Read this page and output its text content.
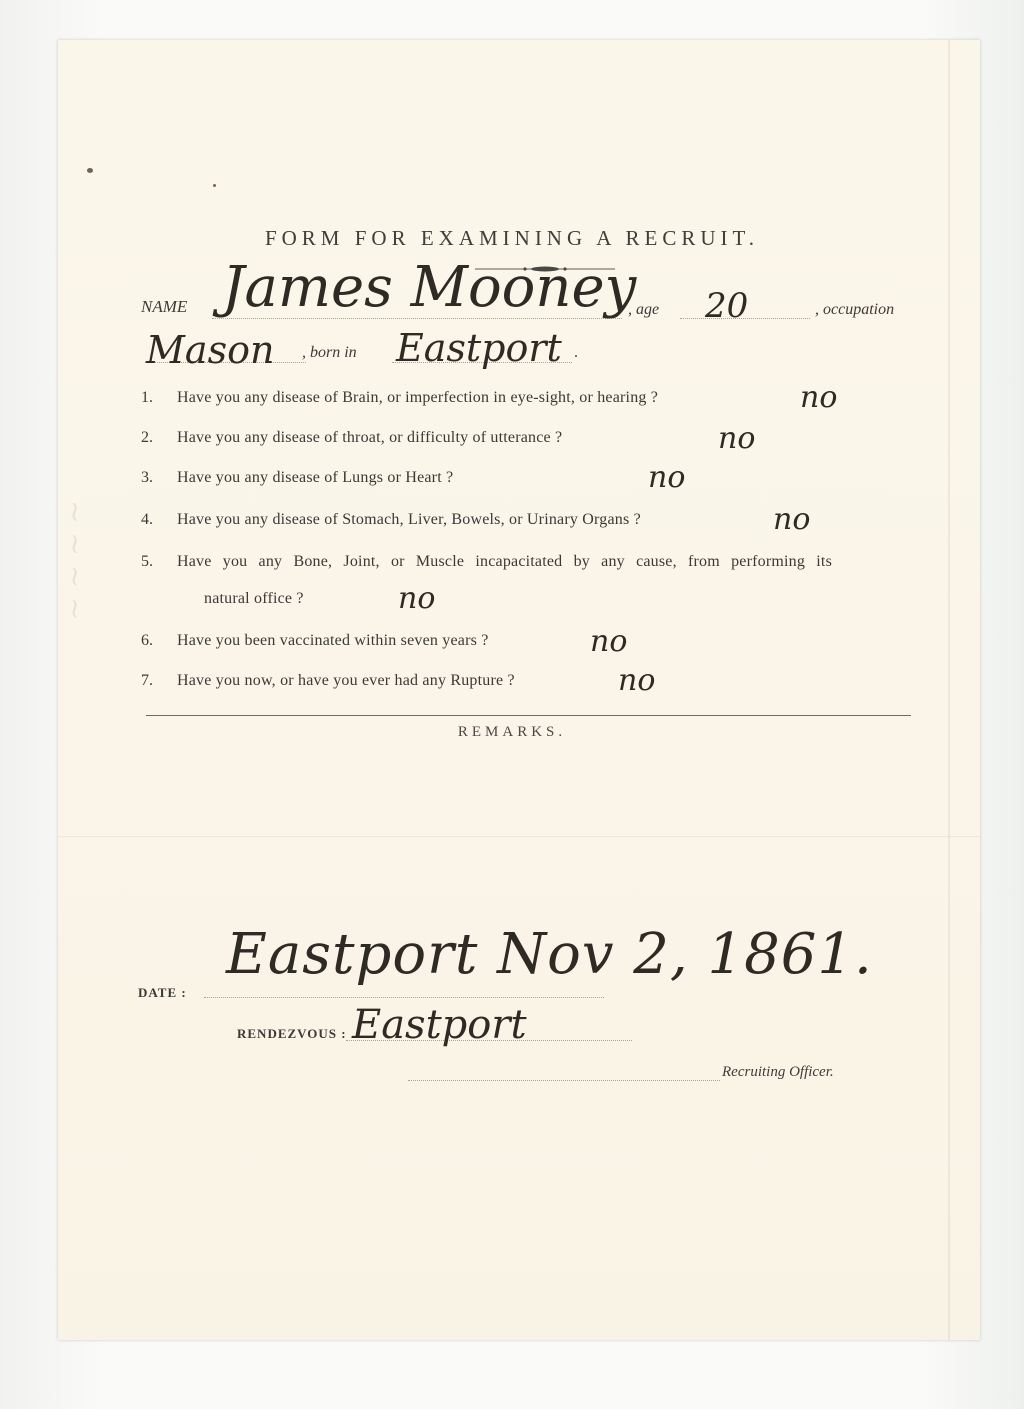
~ ~ ~ ~
FORM FOR EXAMINING A RECRUIT.
NAME James Mooney
, age 20	, occupation
Mason , born in Eastport .
1. Have you any disease of Brain, or imperfection in eye-sight, or hearing ?	no
2. Have you any disease of throat, or difficulty of utterance ?	no
3. Have you any disease of Lungs or Heart ?	no
4. Have you any disease of Stomach, Liver, Bowels, or Urinary Organs ?	no
5. Have you any Bone, Joint, or Muscle incapacitated by any cause, from performing its
natural office ?	no
6. Have you been vaccinated within seven years ?	no
7. Have you now, or have you ever had any Rupture ?	no
REMARKS.
DATE :
Eastport Nov 2, 1861.
RENDEZVOUS : Eastport
Recruiting Officer.
